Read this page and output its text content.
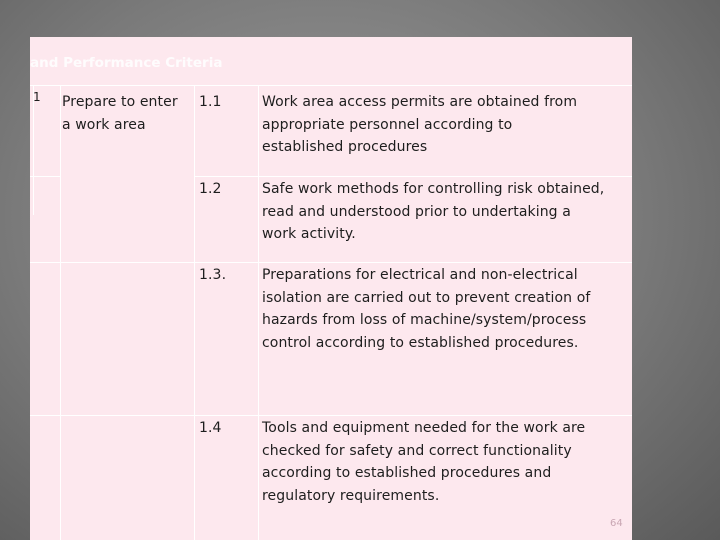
and Performance Criteria
1 Prepare to enter
a work area
1.1	Work area access permits are obtained from
appropriate personnel according to
established procedures
1.2	Safe work methods for controlling risk obtained,
read and understood prior to undertaking a
work activity.
1.3.	Preparations for electrical and non-electrical
isolation are carried out to prevent creation of
hazards from loss of machine/system/process
control according to established procedures.
1.4	Tools and equipment needed for the work are
checked for safety and correct functionality
according to established procedures and
regulatory requirements.
64
